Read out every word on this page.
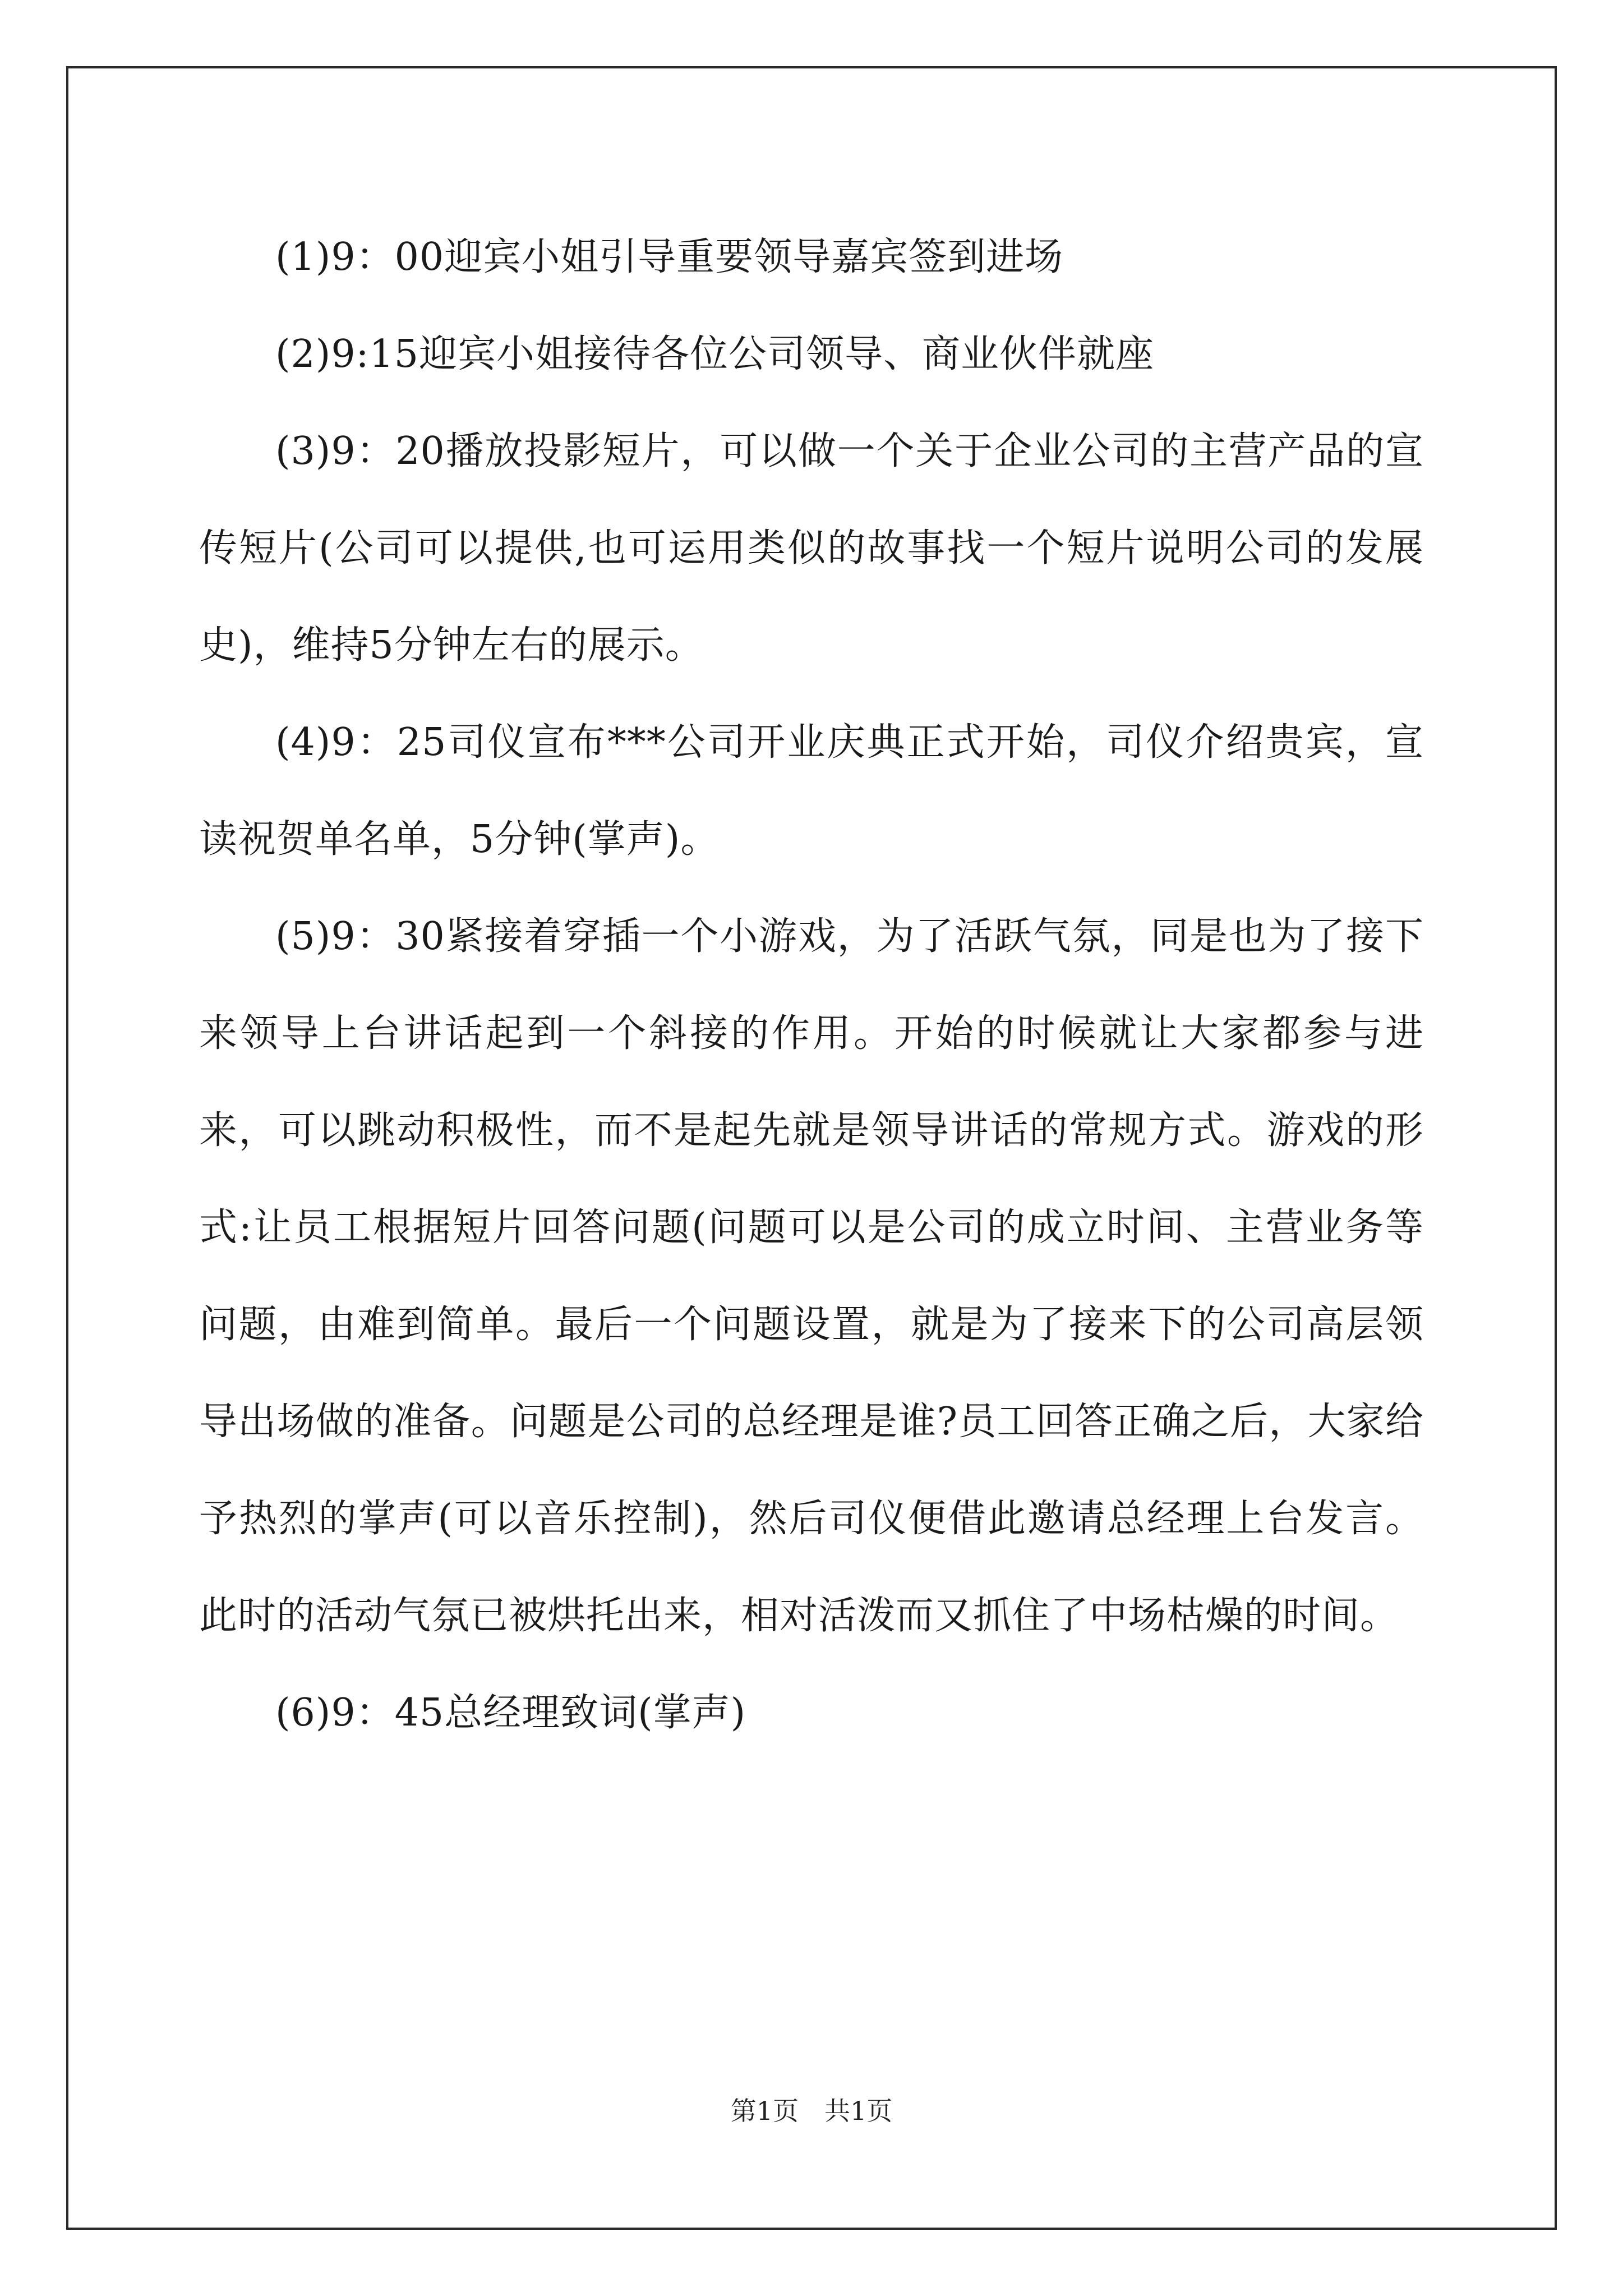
(1)9：00迎宾小姐引导重要领导嘉宾签到进场

(2)9:15迎宾小姐接待各位公司领导、商业伙伴就座

(3)9：20播放投影短片，可以做一个关于企业公司的主营产品的宣传短片(公司可以提供,也可运用类似的故事找一个短片说明公司的发展史)，维持5分钟左右的展示。

(4)9：25司仪宣布***公司开业庆典正式开始，司仪介绍贵宾，宣读祝贺单名单，5分钟(掌声)。

(5)9：30紧接着穿插一个小游戏，为了活跃气氛，同是也为了接下来领导上台讲话起到一个斜接的作用。开始的时候就让大家都参与进来，可以跳动积极性，而不是起先就是领导讲话的常规方式。游戏的形式:让员工根据短片回答问题(问题可以是公司的成立时间、主营业务等问题，由难到简单。最后一个问题设置，就是为了接来下的公司高层领导出场做的准备。问题是公司的总经理是谁?员工回答正确之后，大家给予热烈的掌声(可以音乐控制)，然后司仪便借此邀请总经理上台发言。此时的活动气氛已被烘托出来，相对活泼而又抓住了中场枯燥的时间。

(6)9：45总经理致词(掌声)

第1页 共1页
